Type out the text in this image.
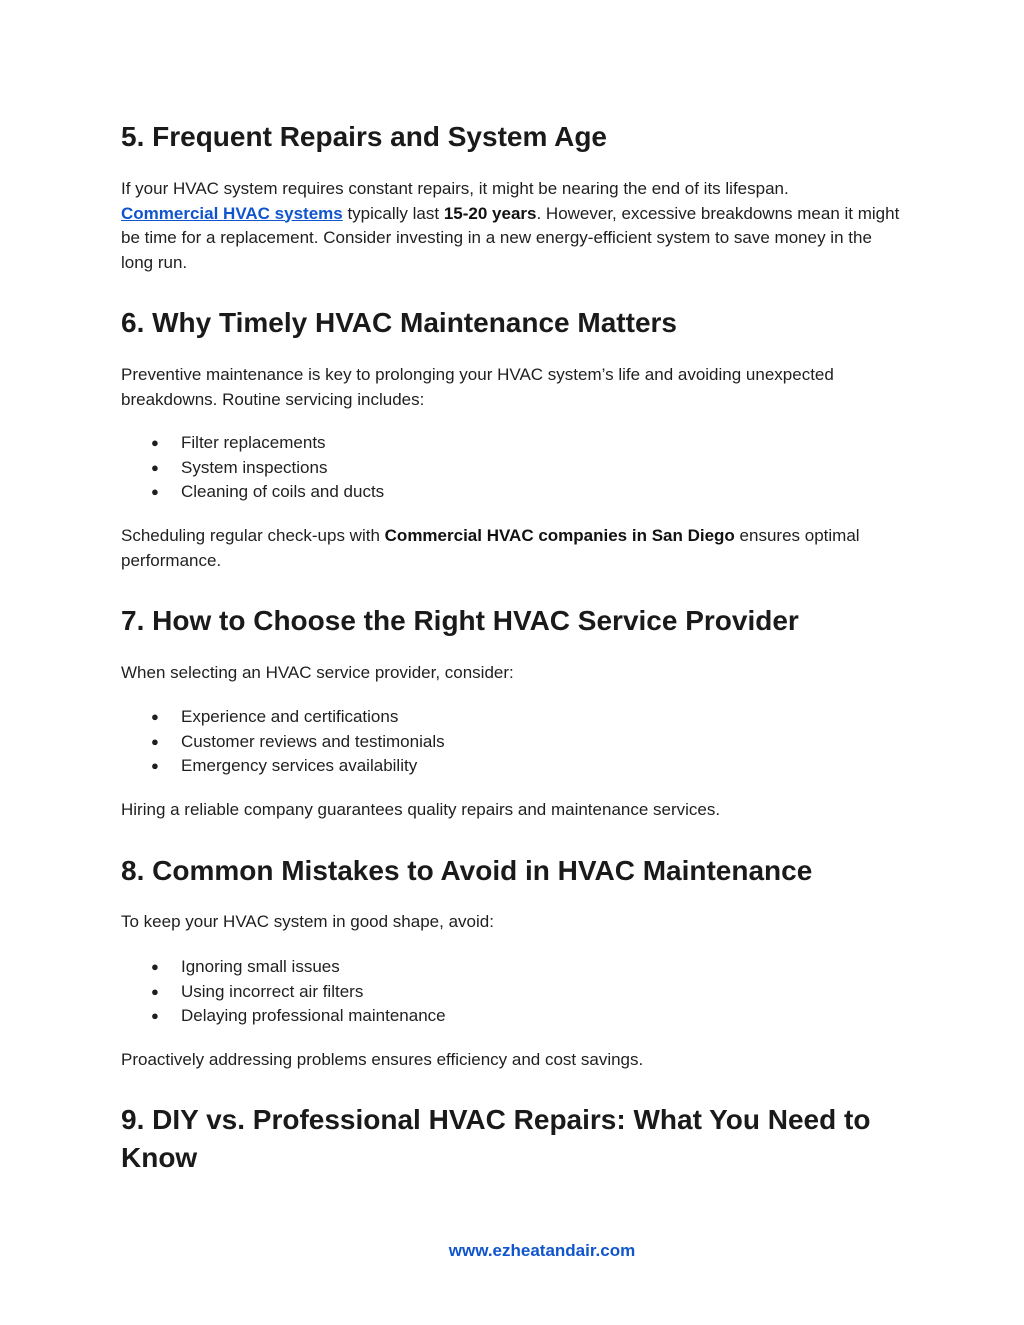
5. Frequent Repairs and System Age

If your HVAC system requires constant repairs, it might be nearing the end of its lifespan.
Commercial HVAC systems typically last 15-20 years. However, excessive breakdowns mean it might be time for a replacement. Consider investing in a new energy-efficient system to save money in the long run.

6. Why Timely HVAC Maintenance Matters

Preventive maintenance is key to prolonging your HVAC system’s life and avoiding unexpected breakdowns. Routine servicing includes:

● Filter replacements
● System inspections
● Cleaning of coils and ducts

Scheduling regular check-ups with Commercial HVAC companies in San Diego ensures optimal performance.

7. How to Choose the Right HVAC Service Provider

When selecting an HVAC service provider, consider:

● Experience and certifications
● Customer reviews and testimonials
● Emergency services availability

Hiring a reliable company guarantees quality repairs and maintenance services.

8. Common Mistakes to Avoid in HVAC Maintenance

To keep your HVAC system in good shape, avoid:

● Ignoring small issues
● Using incorrect air filters
● Delaying professional maintenance

Proactively addressing problems ensures efficiency and cost savings.

9. DIY vs. Professional HVAC Repairs: What You Need to Know
www.ezheatandair.com
